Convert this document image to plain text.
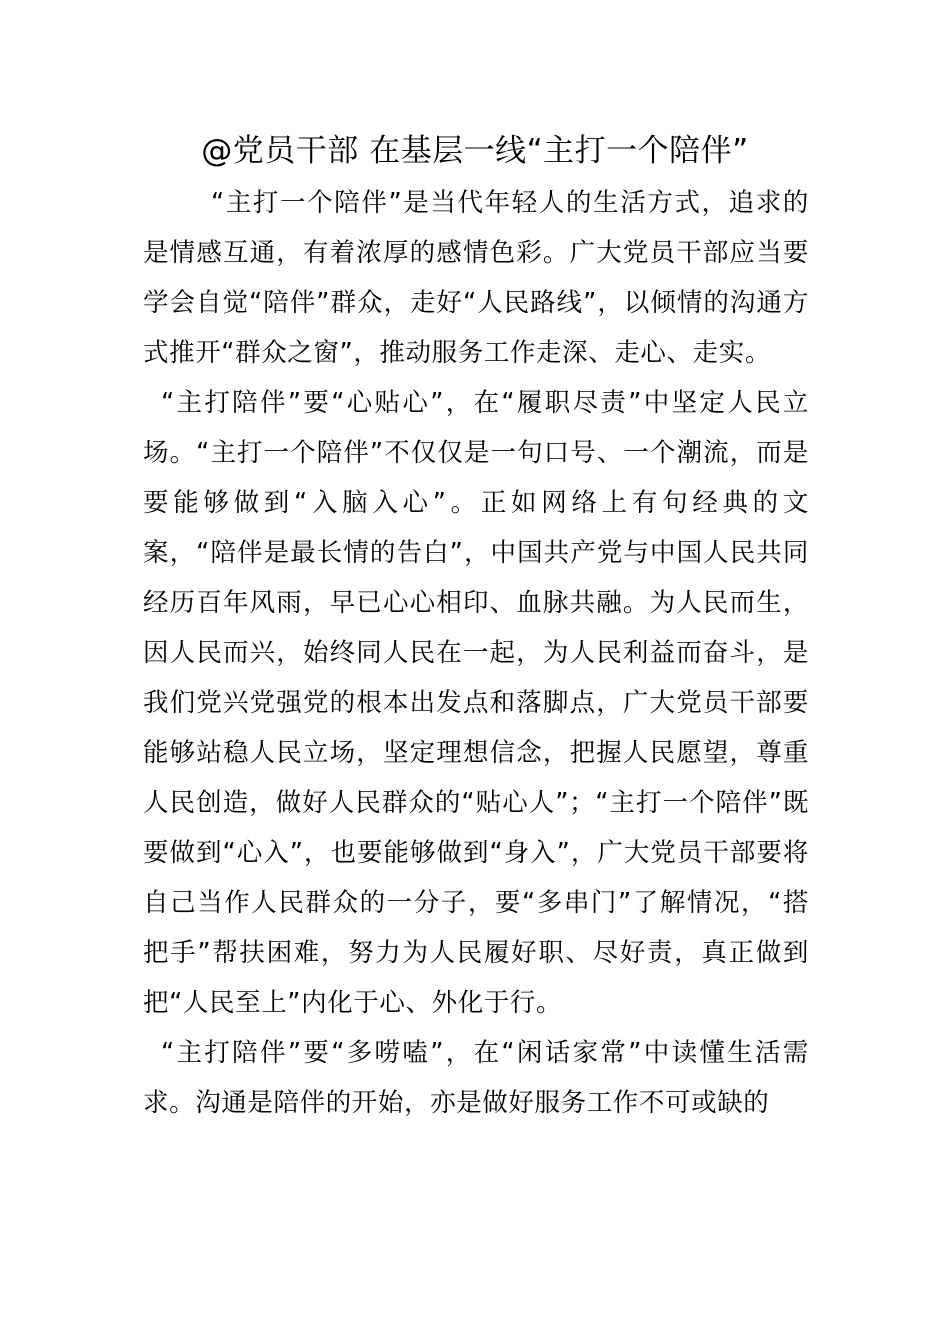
@党员干部 在基层一线“主打一个陪伴”

“主打一个陪伴”是当代年轻人的生活方式，追求的是情感互通，有着浓厚的感情色彩。广大党员干部应当要学会自觉“陪伴”群众，走好“人民路线”，以倾情的沟通方式推开“群众之窗”，推动服务工作走深、走心、走实。

“主打陪伴”要“心贴心”，在“履职尽责”中坚定人民立场。“主打一个陪伴”不仅仅是一句口号、一个潮流，而是要能够做到“入脑入心”。正如网络上有句经典的文案，“陪伴是最长情的告白”，中国共产党与中国人民共同经历百年风雨，早已心心相印、血脉共融。为人民而生，因人民而兴，始终同人民在一起，为人民利益而奋斗，是我们党兴党强党的根本出发点和落脚点，广大党员干部要能够站稳人民立场，坚定理想信念，把握人民愿望，尊重人民创造，做好人民群众的“贴心人”；“主打一个陪伴”既要做到“心入”，也要能够做到“身入”，广大党员干部要将自己当作人民群众的一分子，要“多串门”了解情况，“搭把手”帮扶困难，努力为人民履好职、尽好责，真正做到把“人民至上”内化于心、外化于行。

“主打陪伴”要“多唠嗑”，在“闲话家常”中读懂生活需求。沟通是陪伴的开始，亦是做好服务工作不可或缺的
